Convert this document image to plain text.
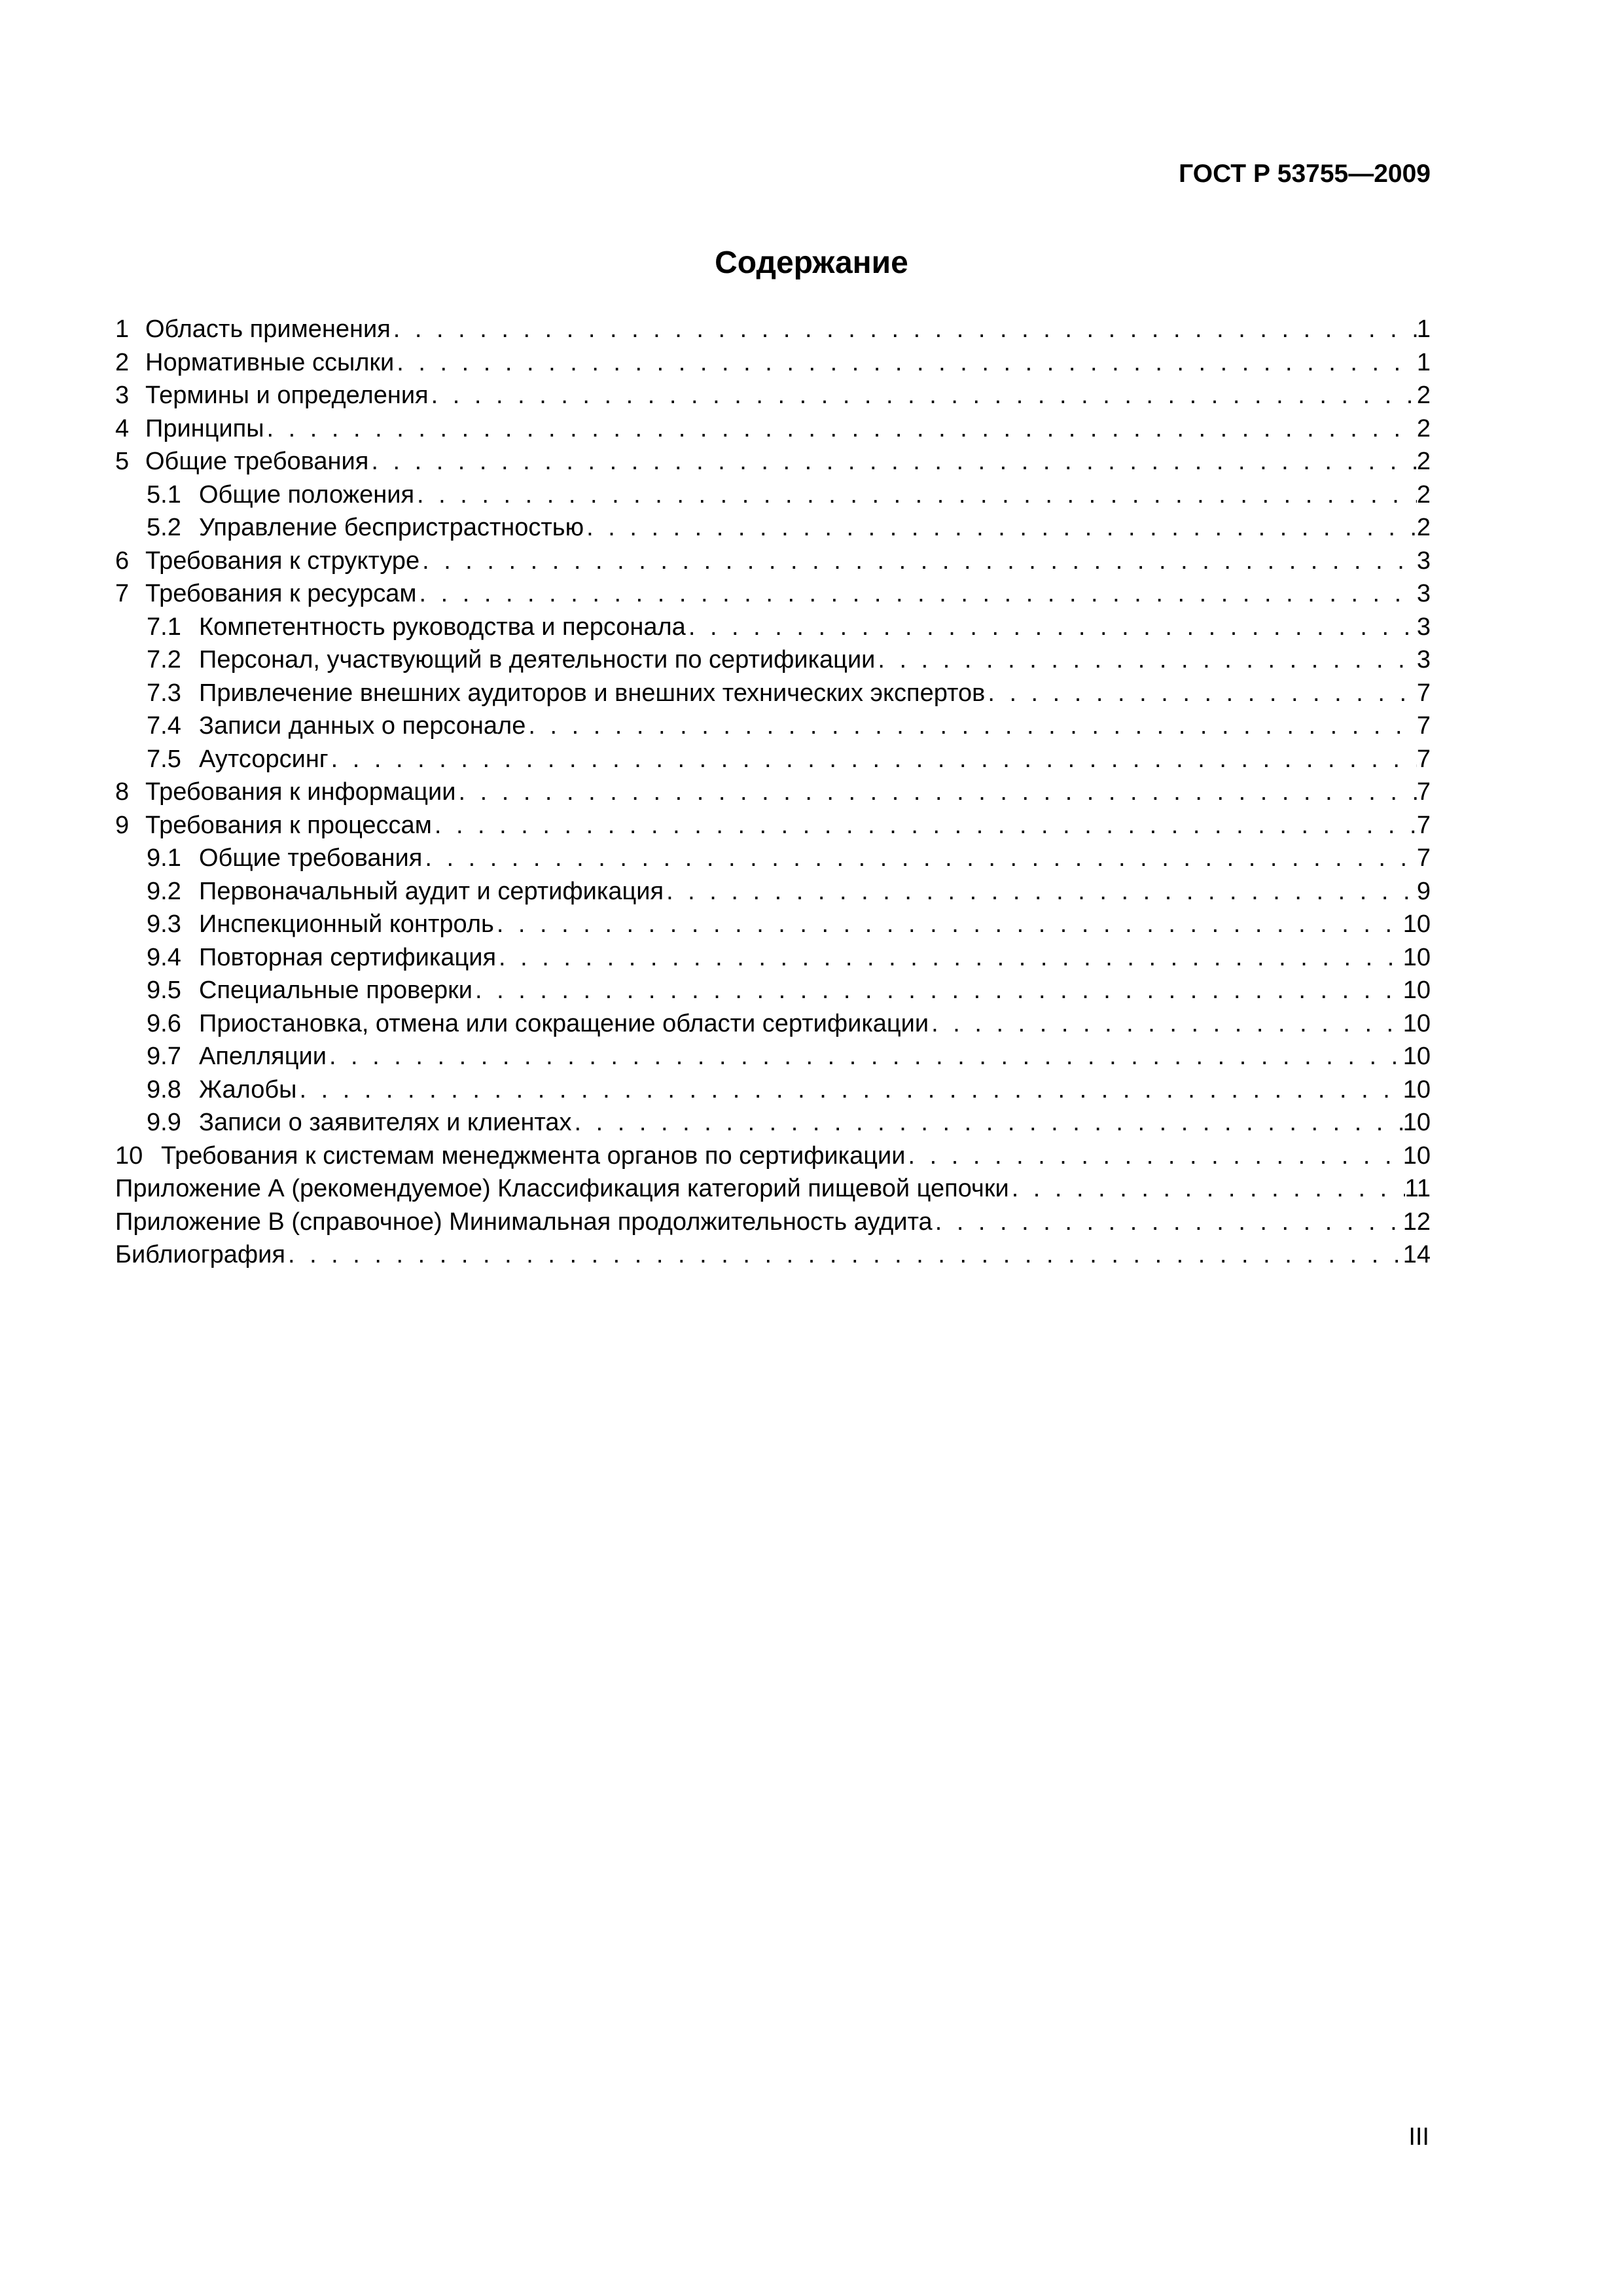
ГОСТ Р 53755—2009
Содержание
1 Область применения . . .	1
2 Нормативные ссылки . . .	1
3 Термины и определения . . .	2
4 Принципы . . .	2
5 Общие требования . . .	2
5.1 Общие положения . . .	2
5.2 Управление беспристрастностью . . .	2
6 Требования к структуре . . .	3
7 Требования к ресурсам . . .	3
7.1 Компетентность руководства и персонала . . .	3
7.2 Персонал, участвующий в деятельности по сертификации . . .	3
7.3 Привлечение внешних аудиторов и внешних технических экспертов . . .	7
7.4 Записи данных о персонале . . .	7
7.5 Аутсорсинг . . .	7
8 Требования к информации . . .	7
9 Требования к процессам . . .	7
9.1 Общие требования . . .	7
9.2 Первоначальный аудит и сертификация . . .	9
9.3 Инспекционный контроль . . .	10
9.4 Повторная сертификация . . .	10
9.5 Специальные проверки . . .	10
9.6 Приостановка, отмена или сокращение области сертификации . . .	10
9.7 Апелляции . . .	10
9.8 Жалобы . . .	10
9.9 Записи о заявителях и клиентах . . .	10
10 Требования к системам менеджмента органов по сертификации . . .	10
Приложение А (рекомендуемое) Классификация категорий пищевой цепочки . . .	11
Приложение В (справочное) Минимальная продолжительность аудита . . .	12
Библиография . . .	14
III
